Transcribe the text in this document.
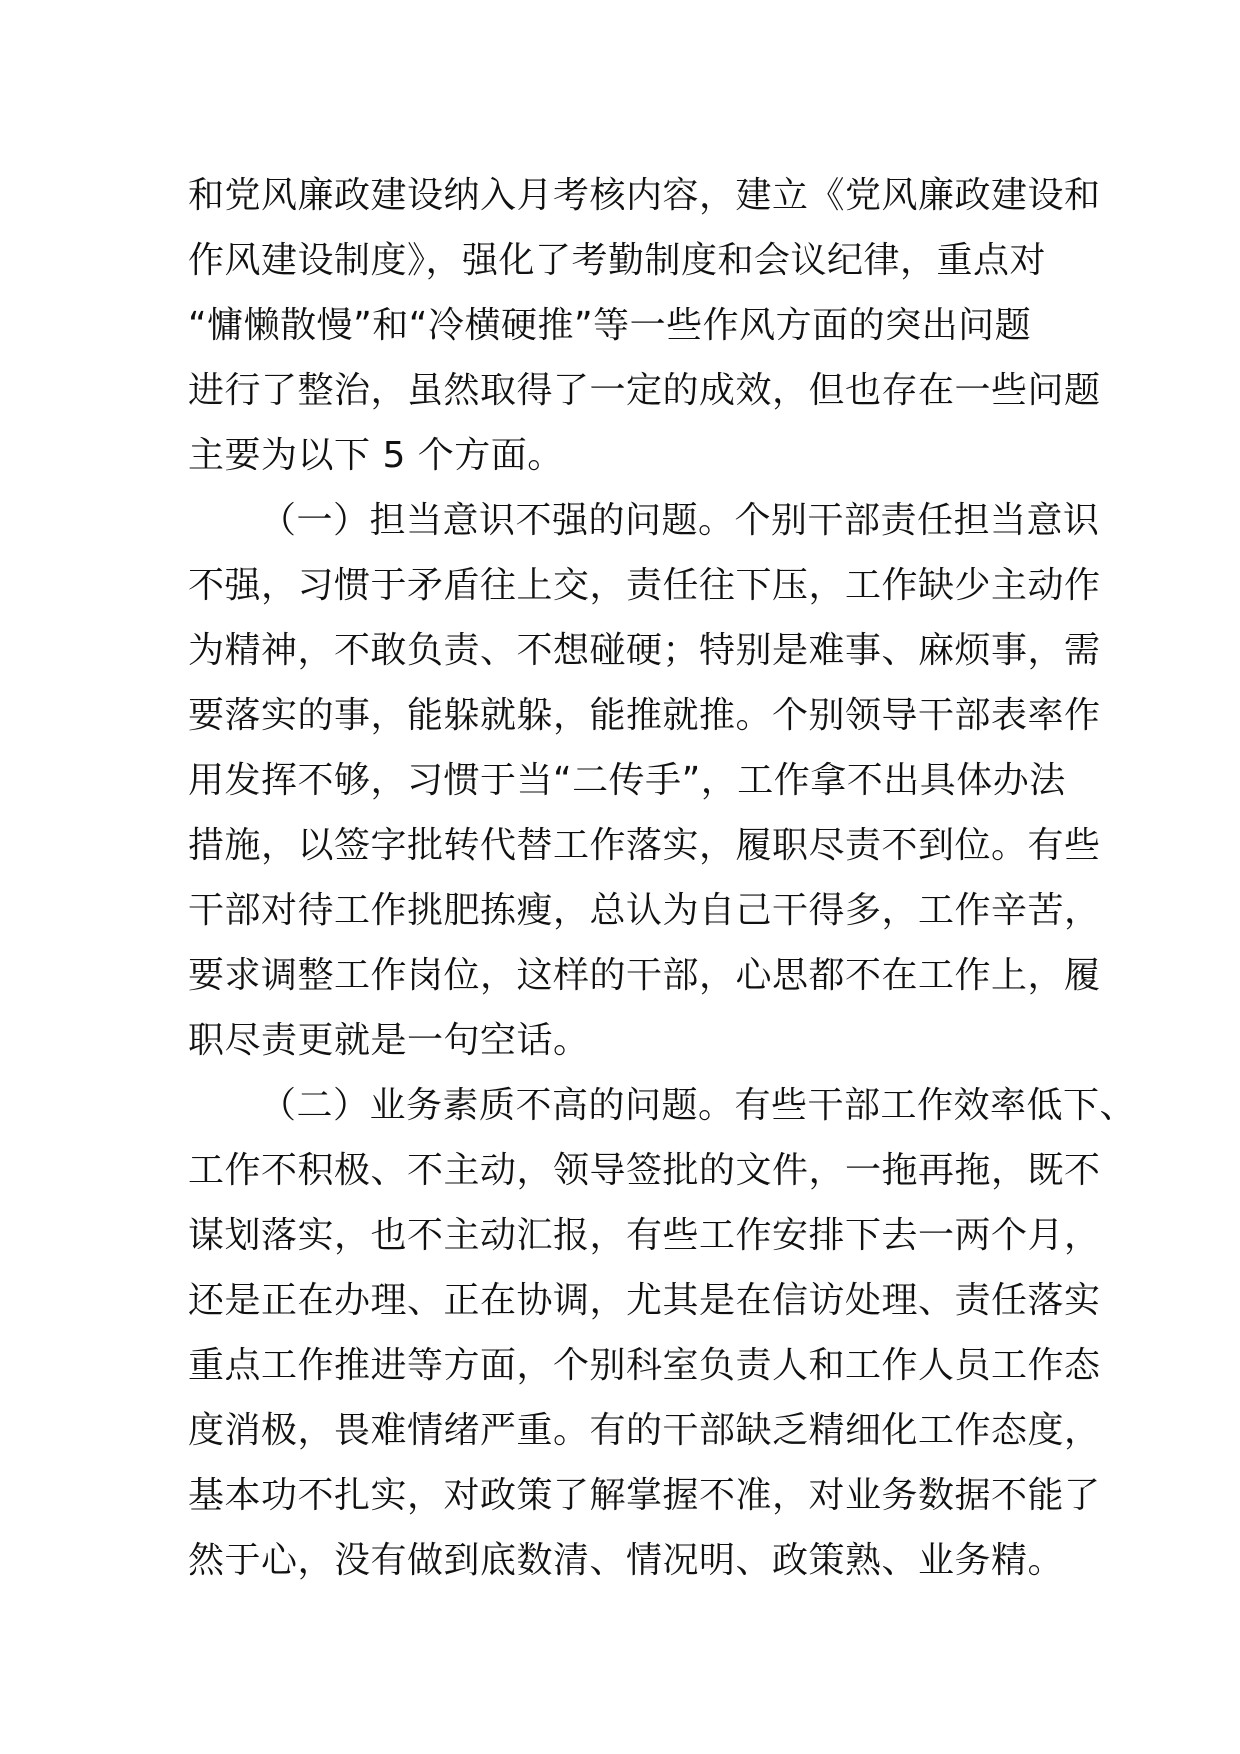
和党风廉政建设纳入月考核内容，建立《党风廉政建设和
作风建设制度》，强化了考勤制度和会议纪律，重点对
“慵懒散慢”和“冷横硬推”等一些作风方面的突出问题
进行了整治，虽然取得了一定的成效，但也存在一些问题
主要为以下 5 个方面。
（一）担当意识不强的问题。个别干部责任担当意识
不强，习惯于矛盾往上交，责任往下压，工作缺少主动作
为精神，不敢负责、不想碰硬；特别是难事、麻烦事，需
要落实的事，能躲就躲，能推就推。个别领导干部表率作
用发挥不够，习惯于当“二传手”，工作拿不出具体办法
措施，以签字批转代替工作落实，履职尽责不到位。有些
干部对待工作挑肥拣瘦，总认为自己干得多，工作辛苦，
要求调整工作岗位，这样的干部，心思都不在工作上，履
职尽责更就是一句空话。
（二）业务素质不高的问题。有些干部工作效率低下、
工作不积极、不主动，领导签批的文件，一拖再拖，既不
谋划落实，也不主动汇报，有些工作安排下去一两个月，
还是正在办理、正在协调，尤其是在信访处理、责任落实
重点工作推进等方面，个别科室负责人和工作人员工作态
度消极，畏难情绪严重。有的干部缺乏精细化工作态度，
基本功不扎实，对政策了解掌握不准，对业务数据不能了
然于心，没有做到底数清、情况明、政策熟、业务精。
